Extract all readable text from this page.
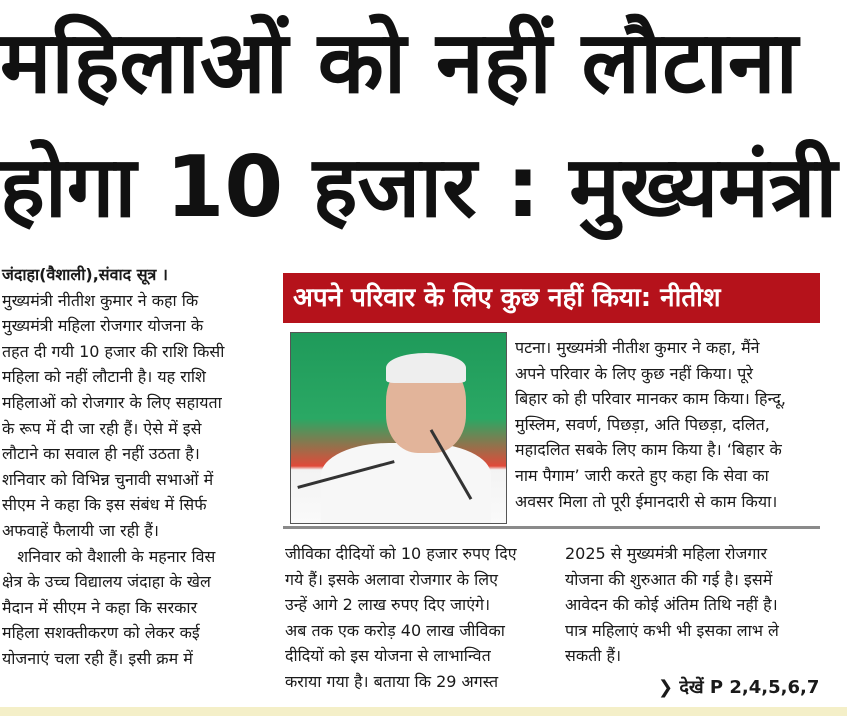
महिलाओं को नहीं लौटाना
होगा 10 हजार : मुख्यमंत्री
जंदाहा(वैशाली),संवाद सूत्र ।
मुख्यमंत्री नीतीश कुमार ने कहा कि
मुख्यमंत्री महिला रोजगार योजना के
तहत दी गयी 10 हजार की राशि किसी
महिला को नहीं लौटानी है। यह राशि
महिलाओं को रोजगार के लिए सहायता
के रूप में दी जा रही हैं। ऐसे में इसे
लौटाने का सवाल ही नहीं उठता है।
शनिवार को विभिन्न चुनावी सभाओं में
सीएम ने कहा कि इस संबंध में सिर्फ
अफवाहें फैलायी जा रही हैं।
शनिवार को वैशाली के महनार विस
क्षेत्र के उच्च विद्यालय जंदाहा के खेल
मैदान में सीएम ने कहा कि सरकार
महिला सशक्तीकरण को लेकर कई
योजनाएं चला रही हैं। इसी क्रम में
अपने परिवार के लिए कुछ नहीं किया: नीतीश
पटना। मुख्यमंत्री नीतीश कुमार ने कहा, मैंने
अपने परिवार के लिए कुछ नहीं किया। पूरे
बिहार को ही परिवार मानकर काम किया। हिन्दू,
मुस्लिम, सवर्ण, पिछड़ा, अति पिछड़ा, दलित,
महादलित सबके लिए काम किया है। ‘बिहार के
नाम पैगाम’ जारी करते हुए कहा कि सेवा का
अवसर मिला तो पूरी ईमानदारी से काम किया।
जीविका दीदियों को 10 हजार रुपए दिए
गये हैं। इसके अलावा रोजगार के लिए
उन्हें आगे 2 लाख रुपए दिए जाएंगे।
अब तक एक करोड़ 40 लाख जीविका
दीदियों को इस योजना से लाभान्वित
कराया गया है। बताया कि 29 अगस्त
2025 से मुख्यमंत्री महिला रोजगार
योजना की शुरुआत की गई है। इसमें
आवेदन की कोई अंतिम तिथि नहीं है।
पात्र महिलाएं कभी भी इसका लाभ ले
सकती हैं।
❯ देखें P 2,4,5,6,7
